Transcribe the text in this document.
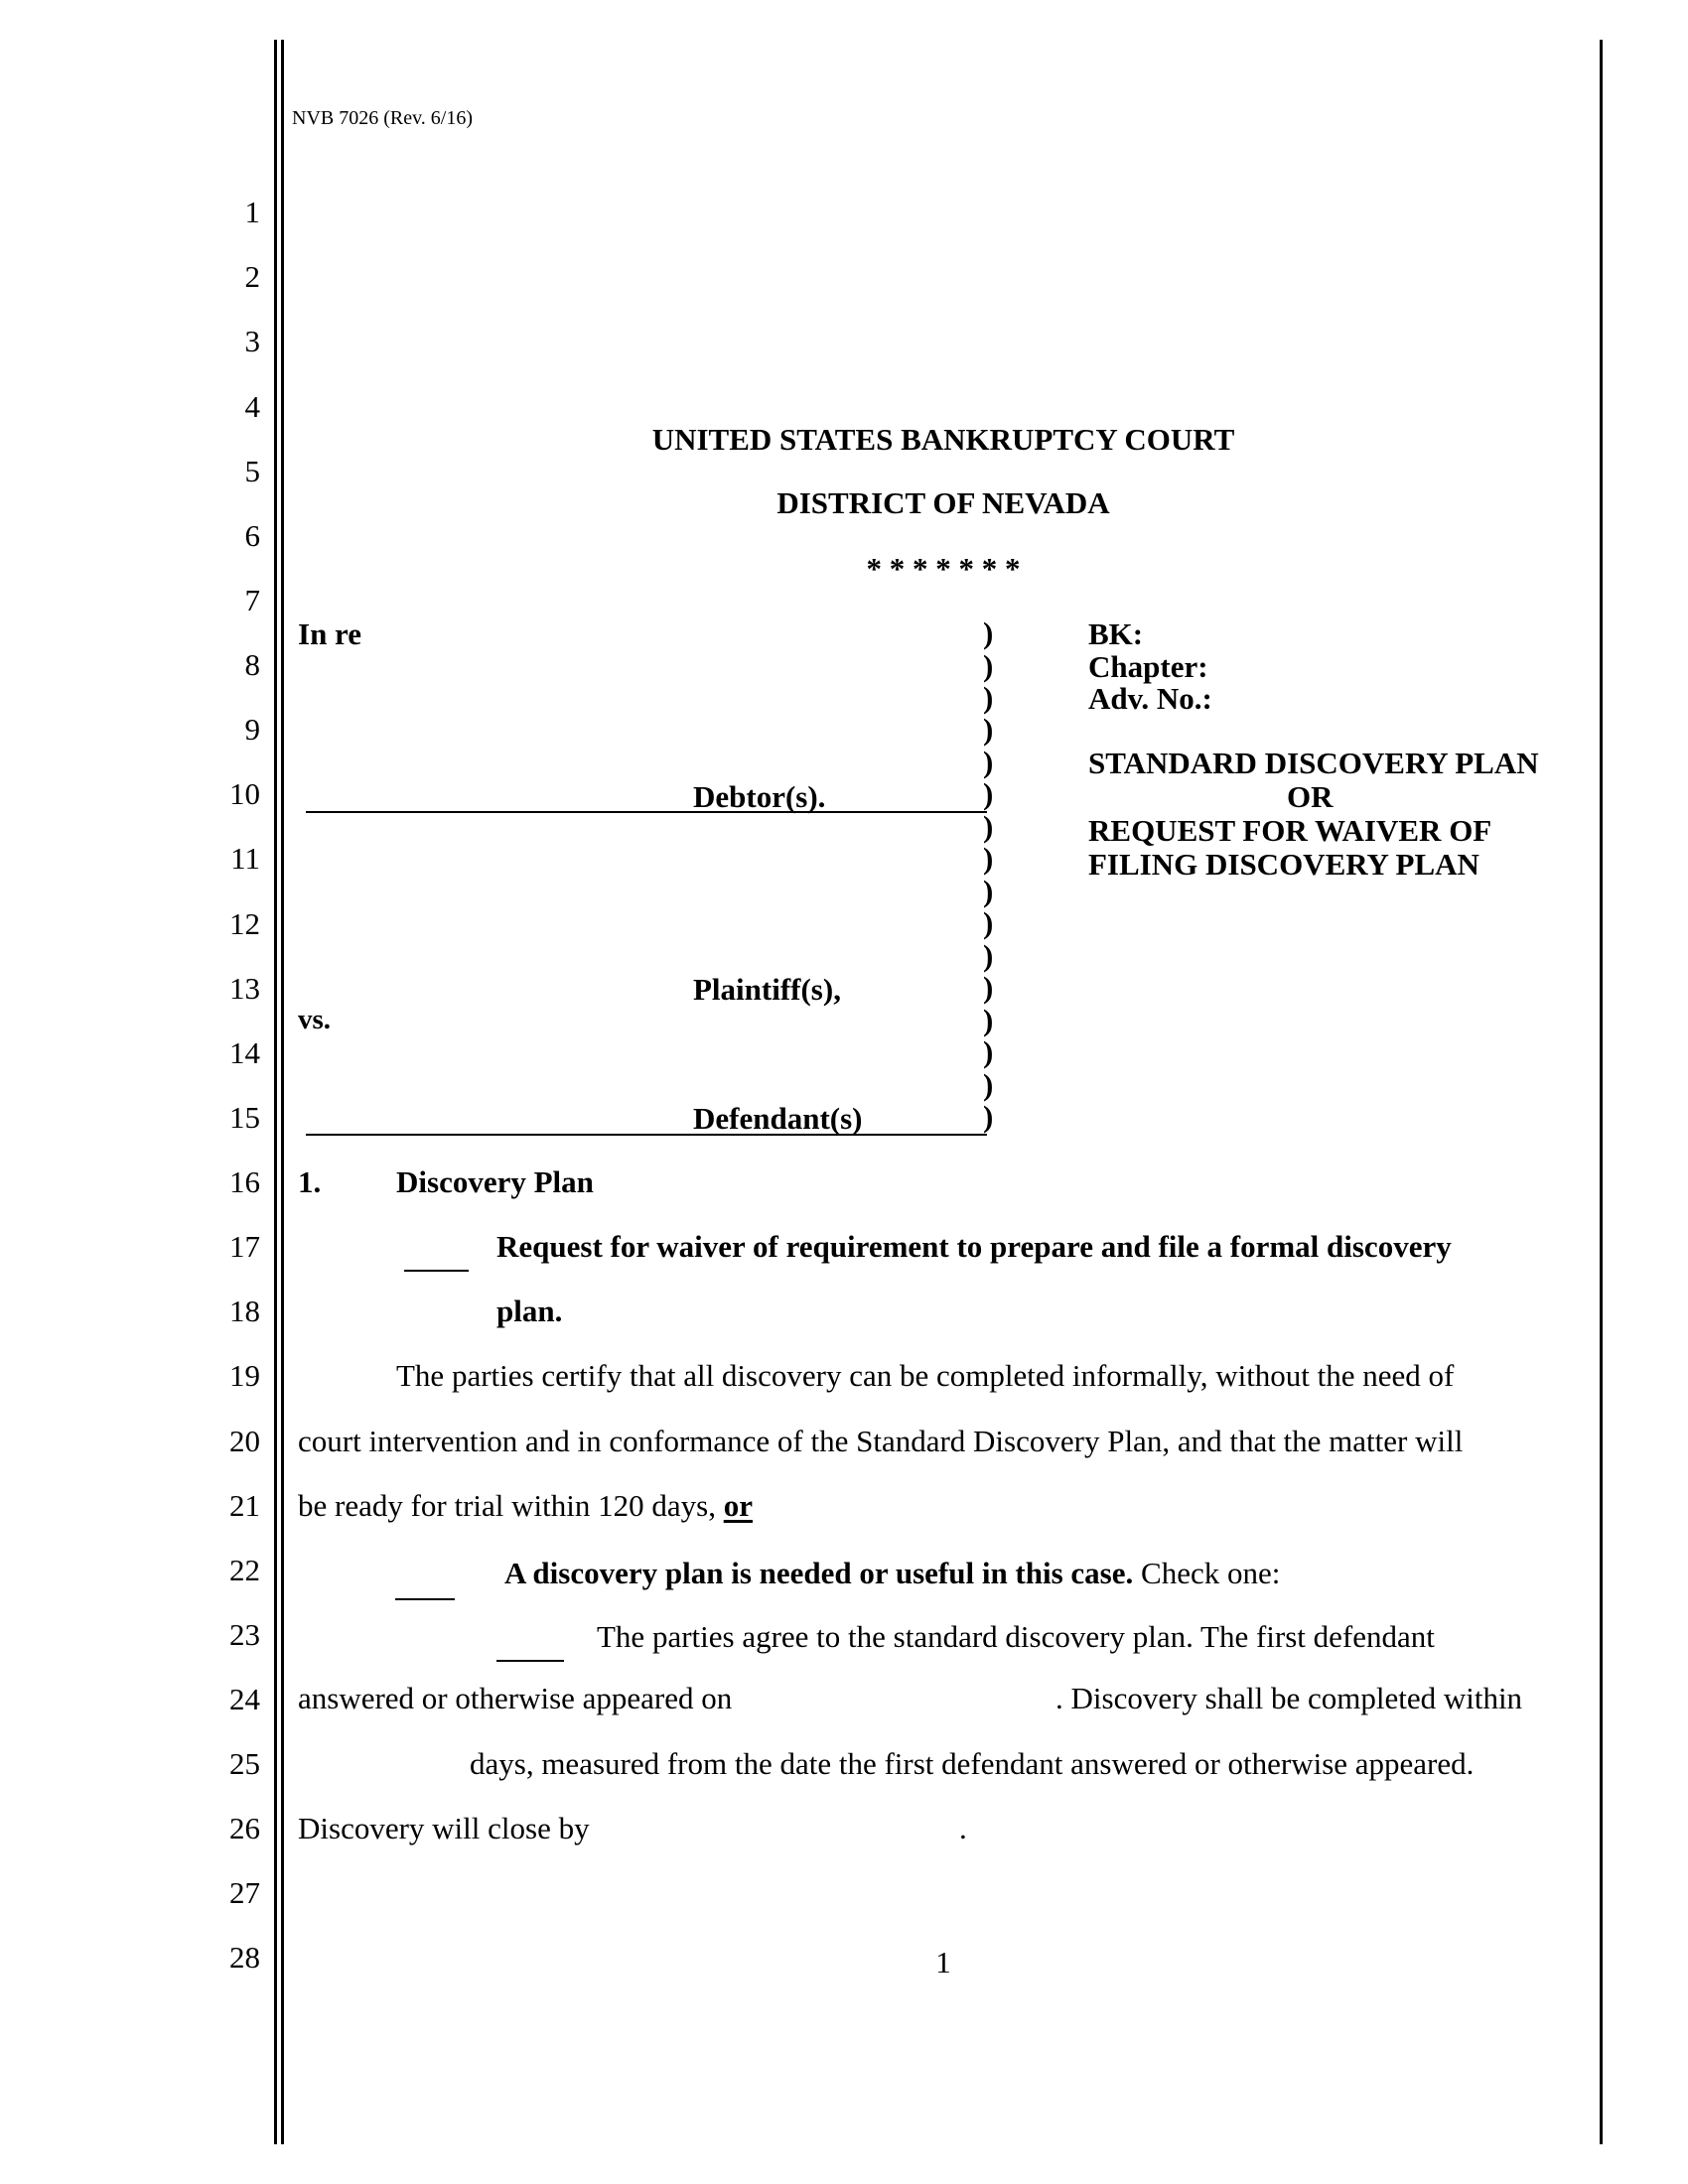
NVB 7026 (Rev. 6/16)
1
2
3
4
5
6
7
8
9
10
11
12
13
14
15
16
17
18
19
20
21
22
23
24
25
26
27
28
UNITED STATES BANKRUPTCY COURT
DISTRICT OF NEVADA
* * * * * * *
In re
Debtor(s).
Plaintiff(s),
vs.
Defendant(s)
)
)
)
)
)
)
)
)
)
)
)
)
)
)
)
)
BK:
Chapter:
Adv. No.:
STANDARD DISCOVERY PLAN
OR
REQUEST FOR WAIVER OF
FILING DISCOVERY PLAN
1. Discovery Plan
Request for waiver of requirement to prepare and file a formal discovery
plan.
The parties certify that all discovery can be completed informally, without the need of
court intervention and in conformance of the Standard Discovery Plan, and that the matter will
be ready for trial within 120 days, or
A discovery plan is needed or useful in this case. Check one:
The parties agree to the standard discovery plan. The first defendant
answered or otherwise appeared on	. Discovery shall be completed within
days, measured from the date the first defendant answered or otherwise appeared.
Discovery will close by	.
1
